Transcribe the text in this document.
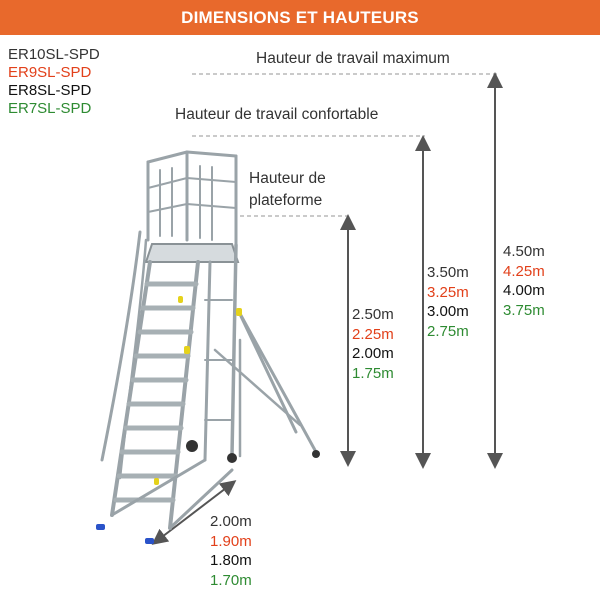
DIMENSIONS ET HAUTEURS
ER10SL-SPD
ER9SL-SPD
ER8SL-SPD
ER7SL-SPD
Hauteur de travail maximum
Hauteur de travail confortable
Hauteur de
plateforme
2.50m
2.25m
2.00m
1.75m
3.50m
3.25m
3.00m
2.75m
4.50m
4.25m
4.00m
3.75m
2.00m
1.90m
1.80m
1.70m
